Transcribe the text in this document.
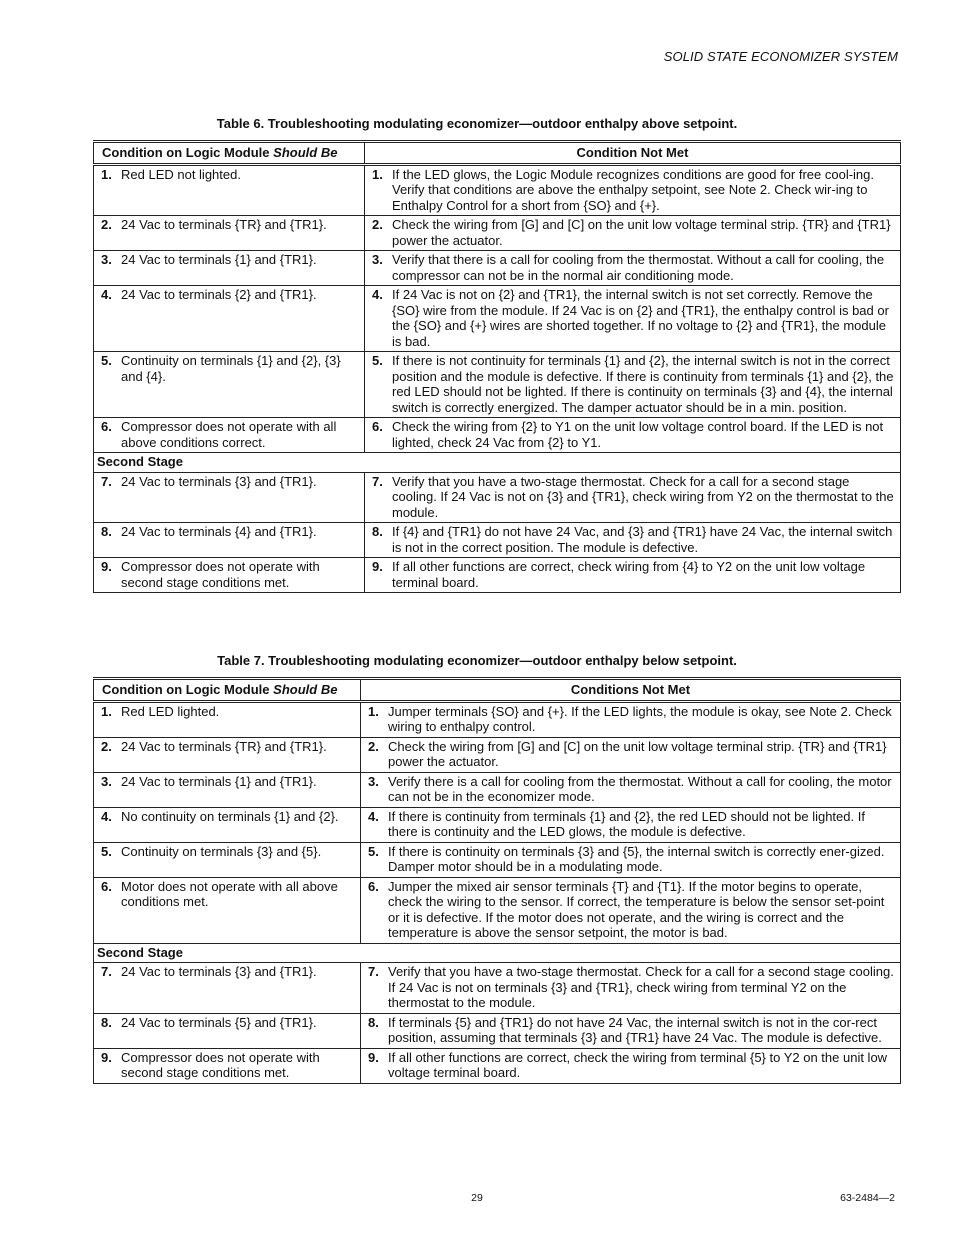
SOLID STATE ECONOMIZER SYSTEM
Table 6. Troubleshooting modulating economizer—outdoor enthalpy above setpoint.
Condition on Logic Module Should Be	Condition Not Met

1. Red LED not lighted.	1. If the LED glows, the Logic Module recognizes conditions are good for free cool-ing. Verify that conditions are above the enthalpy setpoint, see Note 2. Check wir-ing to Enthalpy Control for a short from {SO} and {+}.

2. 24 Vac to terminals {TR} and {TR1}.	2. Check the wiring from [G] and [C] on the unit low voltage terminal strip. {TR} and {TR1} power the actuator.

3. 24 Vac to terminals {1} and {TR1}.	3. Verify that there is a call for cooling from the thermostat. Without a call for cooling, the compressor can not be in the normal air conditioning mode.

4. 24 Vac to terminals {2} and {TR1}.	4. If 24 Vac is not on {2} and {TR1}, the internal switch is not set correctly. Remove the {SO} wire from the module. If 24 Vac is on {2} and {TR1}, the enthalpy control is bad or the {SO} and {+} wires are shorted together. If no voltage to {2} and {TR1}, the module is bad.

5. Continuity on terminals {1} and {2}, {3} and {4}.	5. If there is not continuity for terminals {1} and {2}, the internal switch is not in the correct position and the module is defective. If there is continuity from terminals {1} and {2}, the red LED should not be lighted. If there is continuity on terminals {3} and {4}, the internal switch is correctly energized. The damper actuator should be in a min. position.

6. Compressor does not operate with all above conditions correct.	6. Check the wiring from {2} to Y1 on the unit low voltage control board. If the LED is not lighted, check 24 Vac from {2} to Y1.

Second Stage	

7. 24 Vac to terminals {3} and {TR1}.	7. Verify that you have a two-stage thermostat. Check for a call for a second stage cooling. If 24 Vac is not on {3} and {TR1}, check wiring from Y2 on the thermostat to the module.

8. 24 Vac to terminals {4} and {TR1}.	8. If {4} and {TR1} do not have 24 Vac, and {3} and {TR1} have 24 Vac, the internal switch is not in the correct position. The module is defective.

9. Compressor does not operate with second stage conditions met.	9. If all other functions are correct, check wiring from {4} to Y2 on the unit low voltage terminal board.
Table 7. Troubleshooting modulating economizer—outdoor enthalpy below setpoint.
Condition on Logic Module Should Be	Conditions Not Met

1. Red LED lighted.	1. Jumper terminals {SO} and {+}. If the LED lights, the module is okay, see Note 2. Check wiring to enthalpy control.

2. 24 Vac to terminals {TR} and {TR1}.	2. Check the wiring from [G] and [C] on the unit low voltage terminal strip. {TR} and {TR1} power the actuator.

3. 24 Vac to terminals {1} and {TR1}.	3. Verify there is a call for cooling from the thermostat. Without a call for cooling, the motor can not be in the economizer mode.

4. No continuity on terminals {1} and {2}.	4. If there is continuity from terminals {1} and {2}, the red LED should not be lighted. If there is continuity and the LED glows, the module is defective.

5. Continuity on terminals {3} and {5}.	5. If there is continuity on terminals {3} and {5}, the internal switch is correctly ener-gized. Damper motor should be in a modulating mode.

6. Motor does not operate with all above conditions met.	6. Jumper the mixed air sensor terminals {T} and {T1}. If the motor begins to operate, check the wiring to the sensor. If correct, the temperature is below the sensor set-point or it is defective. If the motor does not operate, and the wiring is correct and the temperature is above the sensor setpoint, the motor is bad.

Second Stage	

7. 24 Vac to terminals {3} and {TR1}.	7. Verify that you have a two-stage thermostat. Check for a call for a second stage cooling. If 24 Vac is not on terminals {3} and {TR1}, check wiring from terminal Y2 on the thermostat to the module.

8. 24 Vac to terminals {5} and {TR1}.	8. If terminals {5} and {TR1} do not have 24 Vac, the internal switch is not in the cor-rect position, assuming that terminals {3} and {TR1} have 24 Vac. The module is defective.

9. Compressor does not operate with second stage conditions met.	9. If all other functions are correct, check the wiring from terminal {5} to Y2 on the unit low voltage terminal board.
29	63-2484—2
